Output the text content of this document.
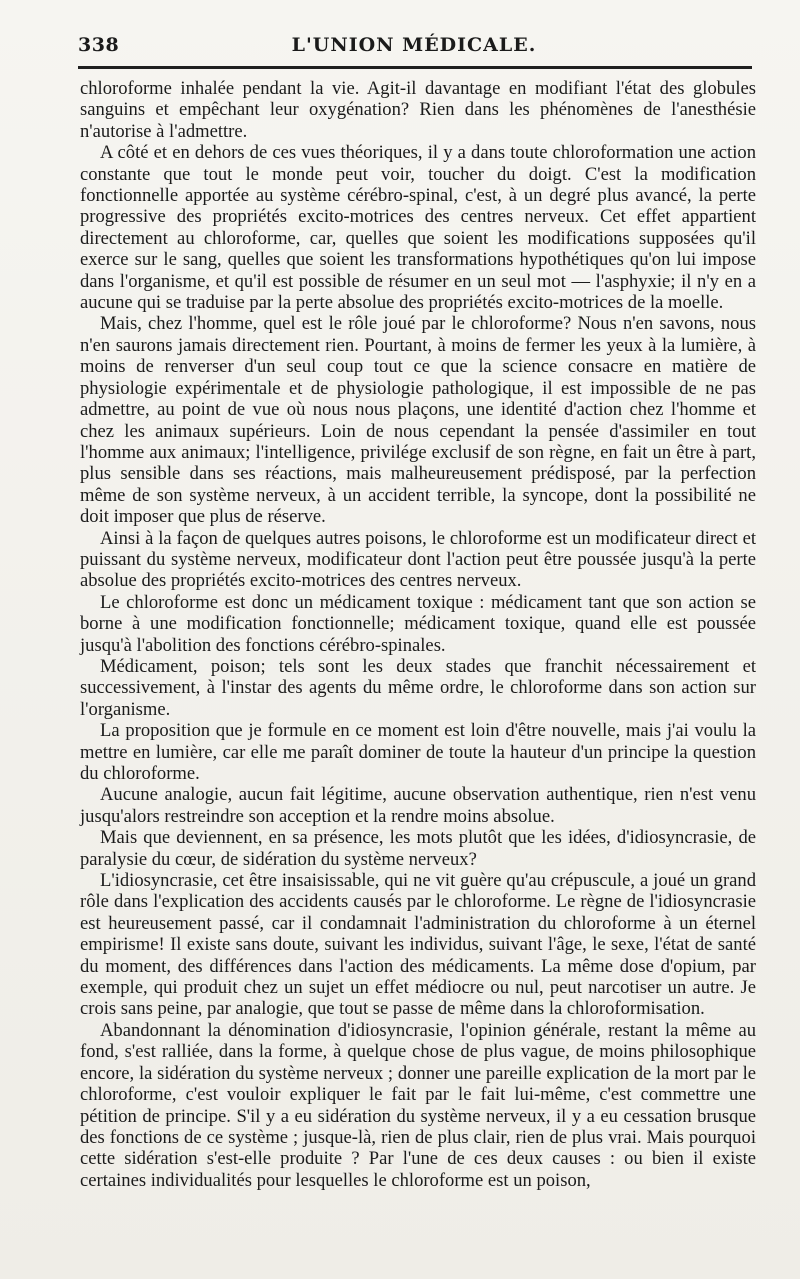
338	L'UNION MÉDICALE.

chloroforme inhalée pendant la vie. Agit-il davantage en modifiant l'état des globules sanguins et empêchant leur oxygénation? Rien dans les phénomènes de l'anesthésie n'autorise à l'admettre.

A côté et en dehors de ces vues théoriques, il y a dans toute chloroformation une action constante que tout le monde peut voir, toucher du doigt. C'est la modification fonctionnelle apportée au système cérébro-spinal, c'est, à un degré plus avancé, la perte progressive des propriétés excito-motrices des centres nerveux. Cet effet appartient directement au chloroforme, car, quelles que soient les modifications supposées qu'il exerce sur le sang, quelles que soient les transformations hypothétiques qu'on lui impose dans l'organisme, et qu'il est possible de résumer en un seul mot — l'asphyxie; il n'y en a aucune qui se traduise par la perte absolue des propriétés excito-motrices de la moelle.

Mais, chez l'homme, quel est le rôle joué par le chloroforme? Nous n'en savons, nous n'en saurons jamais directement rien. Pourtant, à moins de fermer les yeux à la lumière, à moins de renverser d'un seul coup tout ce que la science consacre en matière de physiologie expérimentale et de physiologie pathologique, il est impossible de ne pas admettre, au point de vue où nous nous plaçons, une identité d'action chez l'homme et chez les animaux supérieurs. Loin de nous cependant la pensée d'assimiler en tout l'homme aux animaux; l'intelligence, privilége exclusif de son règne, en fait un être à part, plus sensible dans ses réactions, mais malheureusement prédisposé, par la perfection même de son système nerveux, à un accident terrible, la syncope, dont la possibilité ne doit imposer que plus de réserve.

Ainsi à la façon de quelques autres poisons, le chloroforme est un modificateur direct et puissant du système nerveux, modificateur dont l'action peut être poussée jusqu'à la perte absolue des propriétés excito-motrices des centres nerveux.

Le chloroforme est donc un médicament toxique : médicament tant que son action se borne à une modification fonctionnelle; médicament toxique, quand elle est poussée jusqu'à l'abolition des fonctions cérébro-spinales.

Médicament, poison; tels sont les deux stades que franchit nécessairement et successivement, à l'instar des agents du même ordre, le chloroforme dans son action sur l'organisme.

La proposition que je formule en ce moment est loin d'être nouvelle, mais j'ai voulu la mettre en lumière, car elle me paraît dominer de toute la hauteur d'un principe la question du chloroforme.

Aucune analogie, aucun fait légitime, aucune observation authentique, rien n'est venu jusqu'alors restreindre son acception et la rendre moins absolue.

Mais que deviennent, en sa présence, les mots plutôt que les idées, d'idiosyncrasie, de paralysie du cœur, de sidération du système nerveux?

L'idiosyncrasie, cet être insaisissable, qui ne vit guère qu'au crépuscule, a joué un grand rôle dans l'explication des accidents causés par le chloroforme. Le règne de l'idiosyncrasie est heureusement passé, car il condamnait l'administration du chloroforme à un éternel empirisme! Il existe sans doute, suivant les individus, suivant l'âge, le sexe, l'état de santé du moment, des différences dans l'action des médicaments. La même dose d'opium, par exemple, qui produit chez un sujet un effet médiocre ou nul, peut narcotiser un autre. Je crois sans peine, par analogie, que tout se passe de même dans la chloroformisation.

Abandonnant la dénomination d'idiosyncrasie, l'opinion générale, restant la même au fond, s'est ralliée, dans la forme, à quelque chose de plus vague, de moins philosophique encore, la sidération du système nerveux ; donner une pareille explication de la mort par le chloroforme, c'est vouloir expliquer le fait par le fait lui-même, c'est commettre une pétition de principe. S'il y a eu sidération du système nerveux, il y a eu cessation brusque des fonctions de ce système ; jusque-là, rien de plus clair, rien de plus vrai. Mais pourquoi cette sidération s'est-elle produite ? Par l'une de ces deux causes : ou bien il existe certaines individualités pour lesquelles le chloroforme est un poison,
